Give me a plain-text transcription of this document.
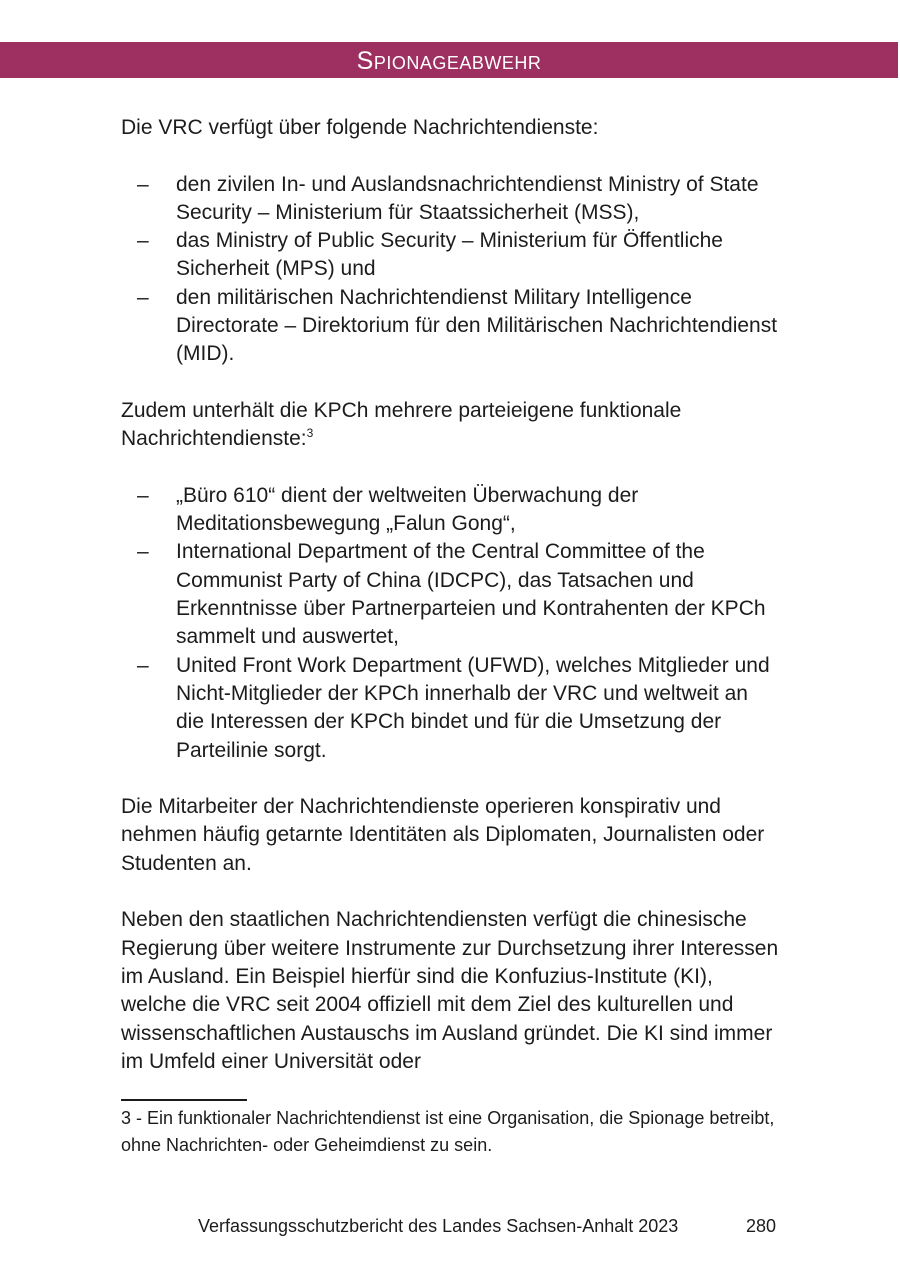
Spionageabwehr

Die VRC verfügt über folgende Nachrichtendienste:

– den zivilen In- und Auslandsnachrichtendienst Ministry of State Security – Ministerium für Staatssicherheit (MSS),
– das Ministry of Public Security – Ministerium für Öffentliche Sicherheit (MPS) und
– den militärischen Nachrichtendienst Military Intelligence Directorate – Direktorium für den Militärischen Nachrichtendienst (MID).

Zudem unterhält die KPCh mehrere parteieigene funktionale Nachrichtendienste:$^3$

– „Büro 610“ dient der weltweiten Überwachung der Meditationsbewegung „Falun Gong“,
– International Department of the Central Committee of the Communist Party of China (IDCPC), das Tatsachen und Erkenntnisse über Partnerparteien und Kontrahenten der KPCh sammelt und auswertet,
– United Front Work Department (UFWD), welches Mitglieder und Nicht-Mitglieder der KPCh innerhalb der VRC und weltweit an die Interessen der KPCh bindet und für die Umsetzung der Parteilinie sorgt.

Die Mitarbeiter der Nachrichtendienste operieren konspirativ und nehmen häufig getarnte Identitäten als Diplomaten, Journalisten oder Studenten an.

Neben den staatlichen Nachrichtendiensten verfügt die chinesische Regierung über weitere Instrumente zur Durchsetzung ihrer Interessen im Ausland. Ein Beispiel hierfür sind die Konfuzius-Institute (KI), welche die VRC seit 2004 offiziell mit dem Ziel des kulturellen und wissenschaftlichen Austauschs im Ausland gründet. Die KI sind immer im Umfeld einer Universität oder

3 - Ein funktionaler Nachrichtendienst ist eine Organisation, die Spionage betreibt, ohne Nachrichten- oder Geheimdienst zu sein.
Verfassungsschutzbericht des Landes Sachsen-Anhalt 2023	280
